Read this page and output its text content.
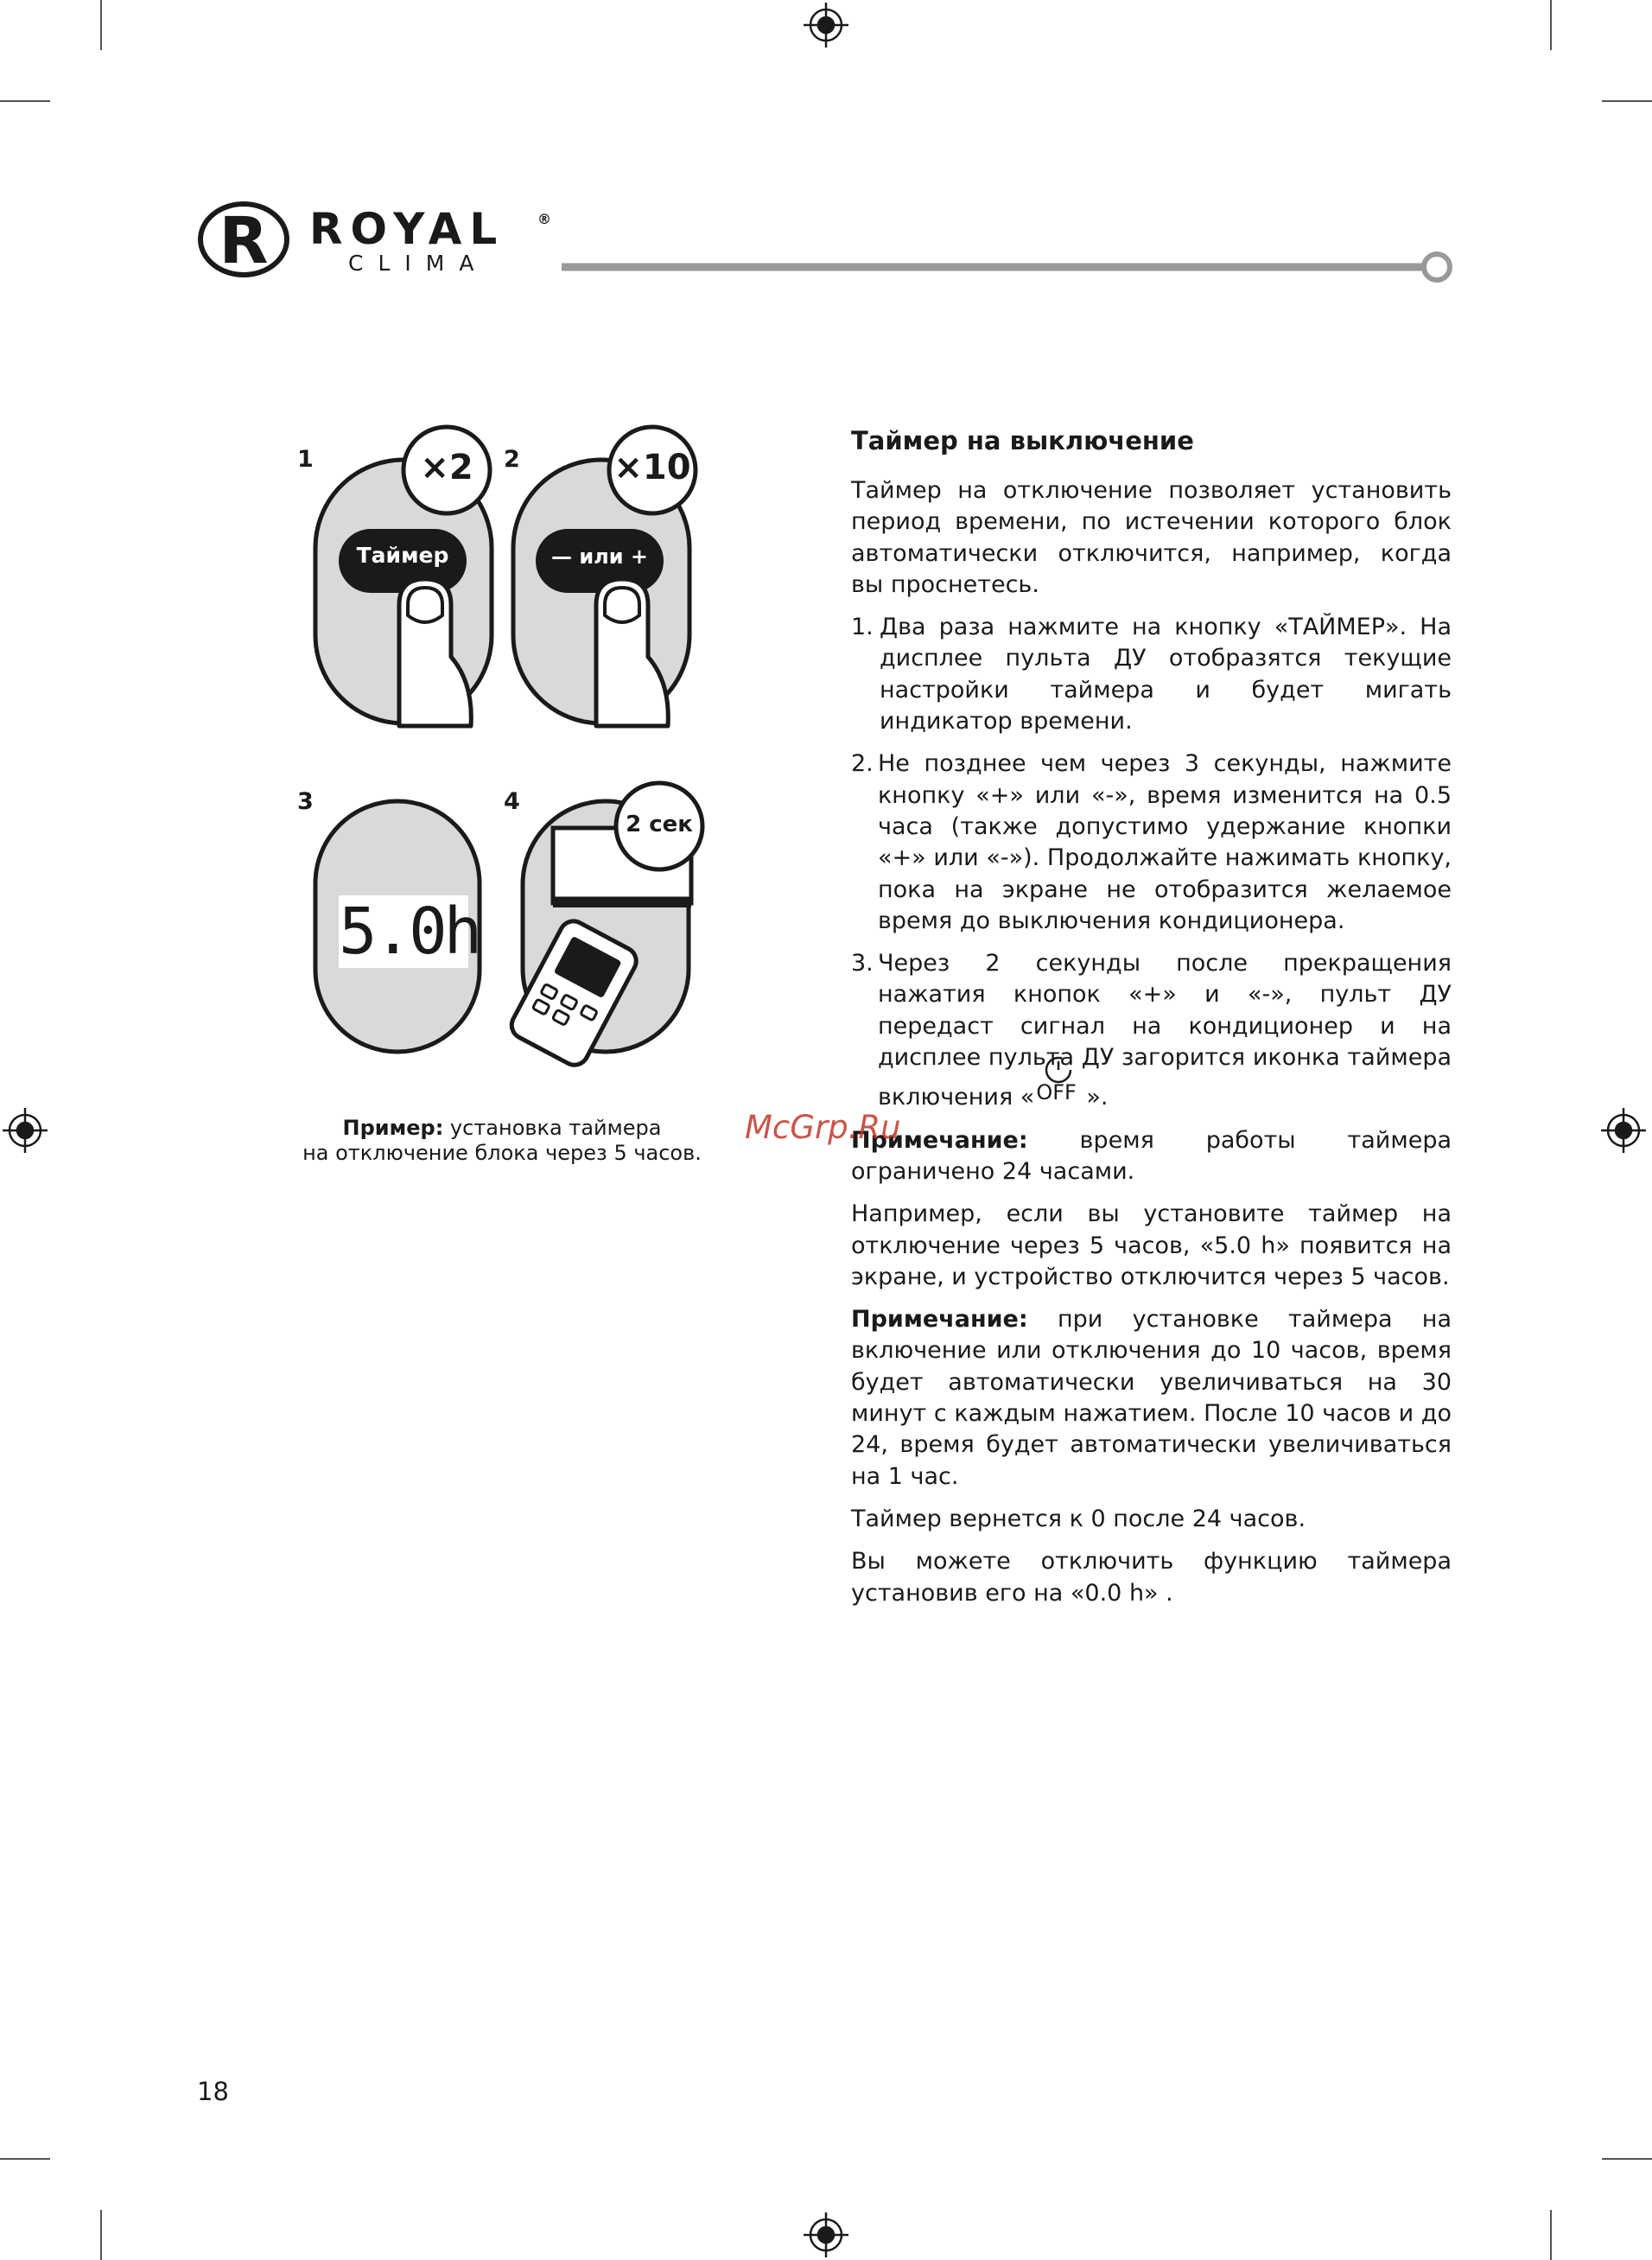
R ROYAL ®
CLIMA
1	2
3	4
×2	×10
2 сек
Таймер	— или +
5.0h
Пример: установка таймера
на отключение блока через 5 часов.
Таймер на выключение
Таймер на отключение позволяет установить период времени, по истечении которого блок автоматически отключится, например, когда вы проснетесь.
1. Два раза нажмите на кнопку «ТАЙМЕР». На дисплее пульта ДУ отобразятся текущие настройки таймера и будет мигать индикатор времени.
2. Не позднее чем через 3 секунды, нажмите кнопку «+» или «-», время изменится на 0.5 часа (также допустимо удержание кнопки «+» или «-»). Продолжайте нажимать кнопку, пока на экране не отобразится желаемое время до выключения кондиционера.
3. Через 2 секунды после прекращения нажатия кнопок «+» и «-», пульт ДУ передаст сигнал на кондиционер и на дисплее пульта ДУ загорится иконка таймера включения « OFF ».
Примечание: время работы таймера ограничено 24 часами.
Например, если вы установите таймер на отключение через 5 часов, «5.0 h» появится на экране, и устройство отключится через 5 часов.
Примечание: при установке таймера на включение или отключения до 10 часов, время будет автоматически увеличиваться на 30 минут с каждым нажатием. После 10 часов и до 24, время будет автоматически увеличиваться на 1 час.
Таймер вернется к 0 после 24 часов.
Вы можете отключить функцию таймера установив его на «0.0 h» .
McGrp.Ru
18
